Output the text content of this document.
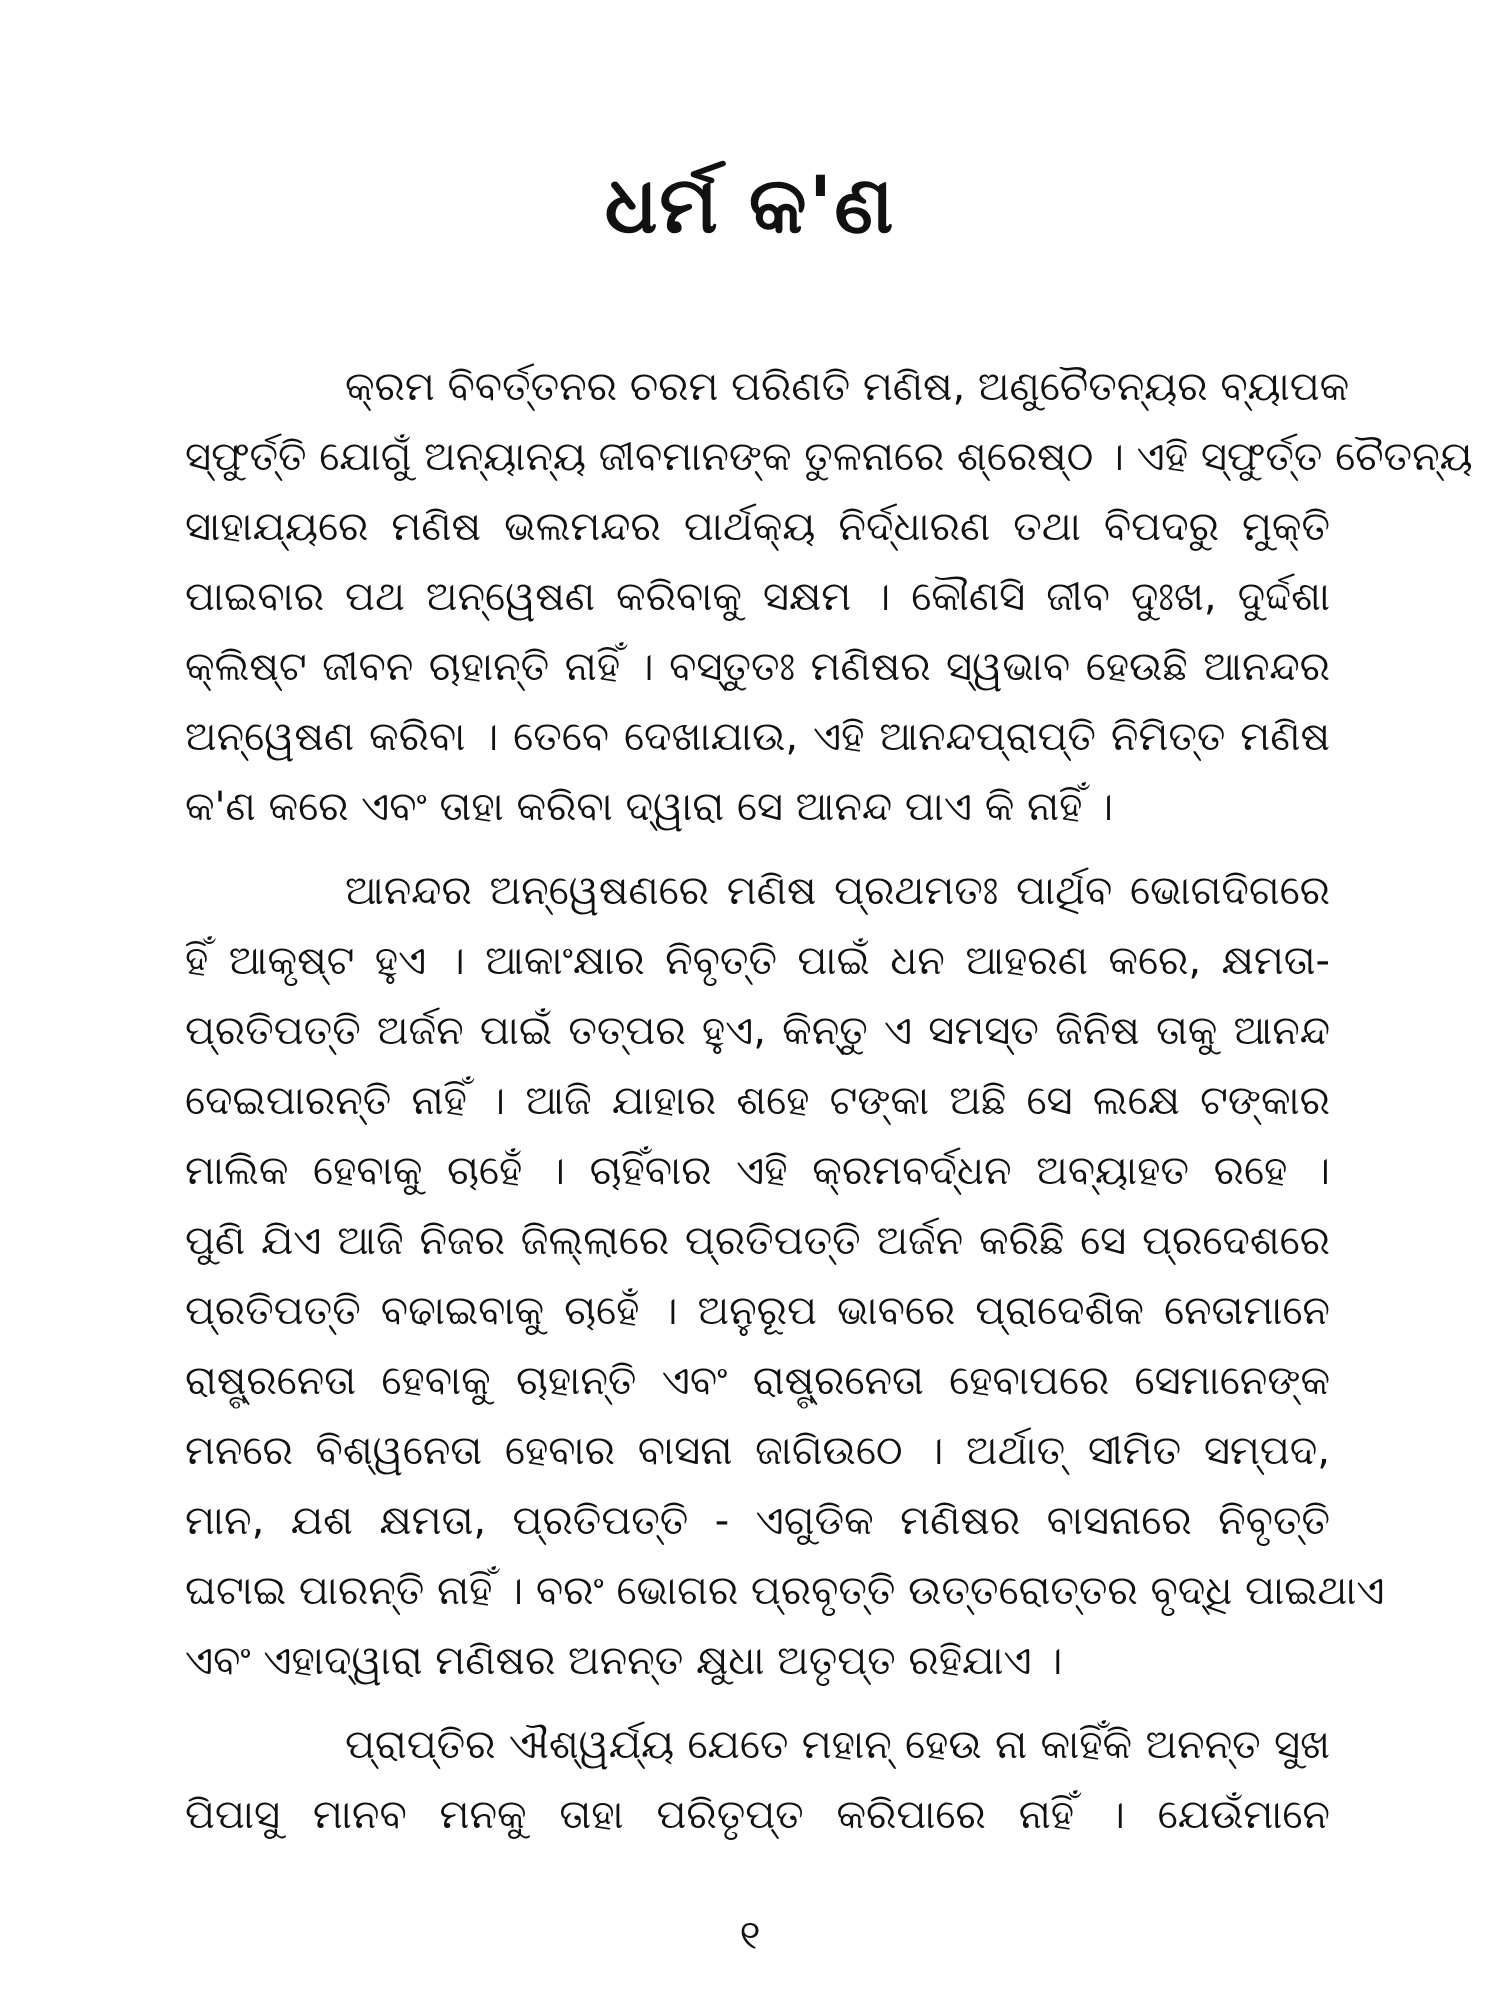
ଧର୍ମ କ'ଣ
କ୍ରମ ବିବର୍ତ୍ତନର ଚରମ ପରିଣତି ମଣିଷ, ଅଣୁଚୈତନ୍ୟର ବ୍ୟାପକ
ସ୍ଫୁର୍ତ୍ତି ଯୋଗୁଁ ଅନ୍ୟାନ୍ୟ ଜୀବମାନଙ୍କ ତୁଳନାରେ ଶ୍ରେଷ୍ଠ । ଏହି ସ୍ଫୁର୍ତ୍ତ ଚୈତନ୍ୟ
ସାହାଯ୍ୟରେ ମଣିଷ ଭଲମନ୍ଦର ପାର୍ଥକ୍ୟ ନିର୍ଦ୍ଧାରଣ ତଥା ବିପଦରୁ ମୁକ୍ତି
ପାଇବାର ପଥ ଅନ୍ୱେଷଣ କରିବାକୁ ସକ୍ଷମ । କୌଣସି ଜୀବ ଦୁଃଖ, ଦୁର୍ଦ୍ଦଶା
କ୍ଲିଷ୍ଟ ଜୀବନ ଚାହାନ୍ତି ନାହିଁ । ବସ୍ତୁତଃ ମଣିଷର ସ୍ୱଭାବ ହେଉଛି ଆନନ୍ଦର
ଅନ୍ୱେଷଣ କରିବା । ତେବେ ଦେଖାଯାଉ, ଏହି ଆନନ୍ଦପ୍ରାପ୍ତି ନିମିତ୍ତ ମଣିଷ
କ'ଣ କରେ ଏବଂ ତାହା କରିବା ଦ୍ୱାରା ସେ ଆନନ୍ଦ ପାଏ କି ନାହିଁ ।
ଆନନ୍ଦର ଅନ୍ୱେଷଣରେ ମଣିଷ ପ୍ରଥମତଃ ପାର୍ଥିବ ଭୋଗଦିଗରେ
ହିଁ ଆକୃଷ୍ଟ ହୁଏ । ଆକାଂକ୍ଷାର ନିବୃତ୍ତି ପାଇଁ ଧନ ଆହରଣ କରେ, କ୍ଷମତା-
ପ୍ରତିପତ୍ତି ଅର୍ଜନ ପାଇଁ ତତ୍ପର ହୁଏ, କିନ୍ତୁ ଏ ସମସ୍ତ ଜିନିଷ ତାକୁ ଆନନ୍ଦ
ଦେଇପାରନ୍ତି ନାହିଁ । ଆଜି ଯାହାର ଶହେ ଟଙ୍କା ଅଛି ସେ ଲକ୍ଷେ ଟଙ୍କାର
ମାଲିକ ହେବାକୁ ଚାହେଁ । ଚାହିଁବାର ଏହି କ୍ରମବର୍ଦ୍ଧନ ଅବ୍ୟାହତ ରହେ ।
ପୁଣି ଯିଏ ଆଜି ନିଜର ଜିଲ୍ଲାରେ ପ୍ରତିପତ୍ତି ଅର୍ଜନ କରିଛି ସେ ପ୍ରଦେଶରେ
ପ୍ରତିପତ୍ତି ବଢାଇବାକୁ ଚାହେଁ । ଅନୁରୂପ ଭାବରେ ପ୍ରାଦେଶିକ ନେତାମାନେ
ରାଷ୍ଟ୍ରନେତା ହେବାକୁ ଚାହାନ୍ତି ଏବଂ ରାଷ୍ଟ୍ରନେତା ହେବାପରେ ସେମାନେଙ୍କ
ମନରେ ବିଶ୍ୱନେତା ହେବାର ବାସନା ଜାଗିଉଠେ । ଅର୍ଥାତ୍ ସୀମିତ ସମ୍ପଦ,
ମାନ, ଯଶ କ୍ଷମତା, ପ୍ରତିପତ୍ତି - ଏଗୁଡିକ ମଣିଷର ବାସନାରେ ନିବୃତ୍ତି
ଘଟାଇ ପାରନ୍ତି ନାହିଁ । ବରଂ ଭୋଗର ପ୍ରବୃତ୍ତି ଉତ୍ତରୋତ୍ତର ବୃଦ୍ଧି ପାଇଥାଏ
ଏବଂ ଏହାଦ୍ୱାରା ମଣିଷର ଅନନ୍ତ କ୍ଷୁଧା ଅତୃପ୍ତ ରହିଯାଏ ।
ପ୍ରାପ୍ତିର ଐଶ୍ୱର୍ଯ୍ୟ ଯେତେ ମହାନ୍ ହେଉ ନା କାହିଁକି ଅନନ୍ତ ସୁଖ
ପିପାସୁ ମାନବ ମନକୁ ତାହା ପରିତୃପ୍ତ କରିପାରେ ନାହିଁ । ଯେଉଁମାନେ
୧
